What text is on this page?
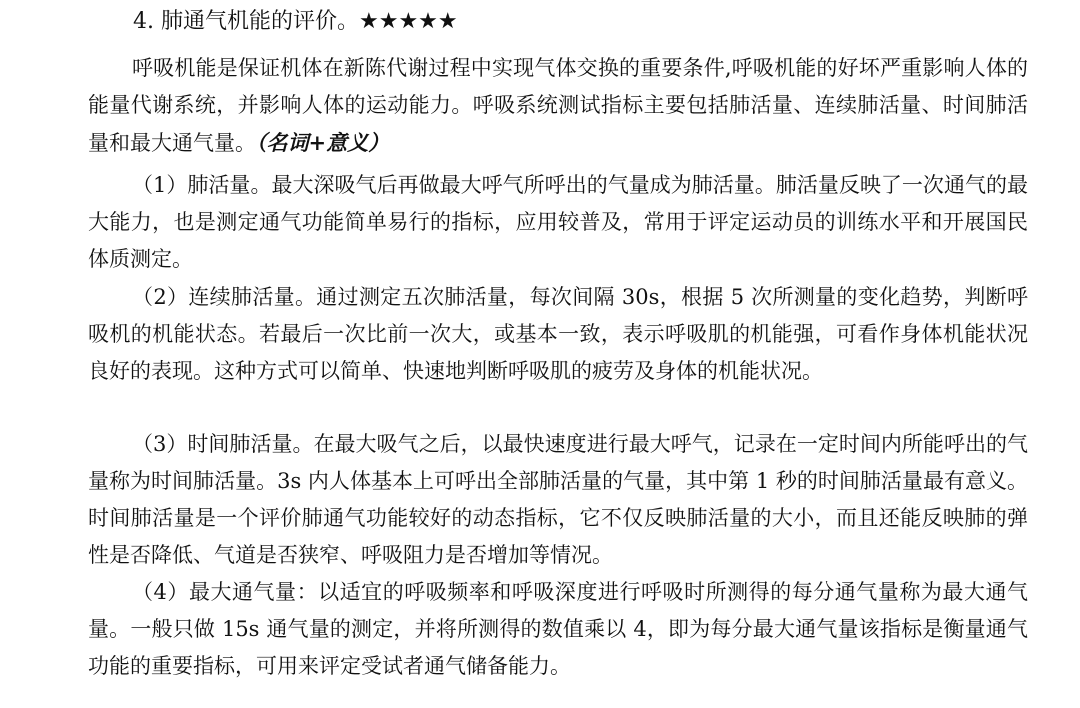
4. 肺通气机能的评价。★★★★★

呼吸机能是保证机体在新陈代谢过程中实现气体交换的重要条件,呼吸机能的好坏严重影响人体的能量代谢系统，并影响人体的运动能力。呼吸系统测试指标主要包括肺活量、连续肺活量、时间肺活量和最大通气量。（名词+意义）

（1）肺活量。最大深吸气后再做最大呼气所呼出的气量成为肺活量。肺活量反映了一次通气的最大能力，也是测定通气功能简单易行的指标，应用较普及，常用于评定运动员的训练水平和开展国民体质测定。

（2）连续肺活量。通过测定五次肺活量，每次间隔 30s，根据 5 次所测量的变化趋势，判断呼吸机的机能状态。若最后一次比前一次大，或基本一致，表示呼吸肌的机能强，可看作身体机能状况良好的表现。这种方式可以简单、快速地判断呼吸肌的疲劳及身体的机能状况。

（3）时间肺活量。在最大吸气之后，以最快速度进行最大呼气，记录在一定时间内所能呼出的气量称为时间肺活量。3s 内人体基本上可呼出全部肺活量的气量，其中第 1 秒的时间肺活量最有意义。时间肺活量是一个评价肺通气功能较好的动态指标，它不仅反映肺活量的大小，而且还能反映肺的弹性是否降低、气道是否狭窄、呼吸阻力是否增加等情况。

（4）最大通气量：以适宜的呼吸频率和呼吸深度进行呼吸时所测得的每分通气量称为最大通气量。一般只做 15s 通气量的测定，并将所测得的数值乘以 4，即为每分最大通气量该指标是衡量通气功能的重要指标，可用来评定受试者通气储备能力。
